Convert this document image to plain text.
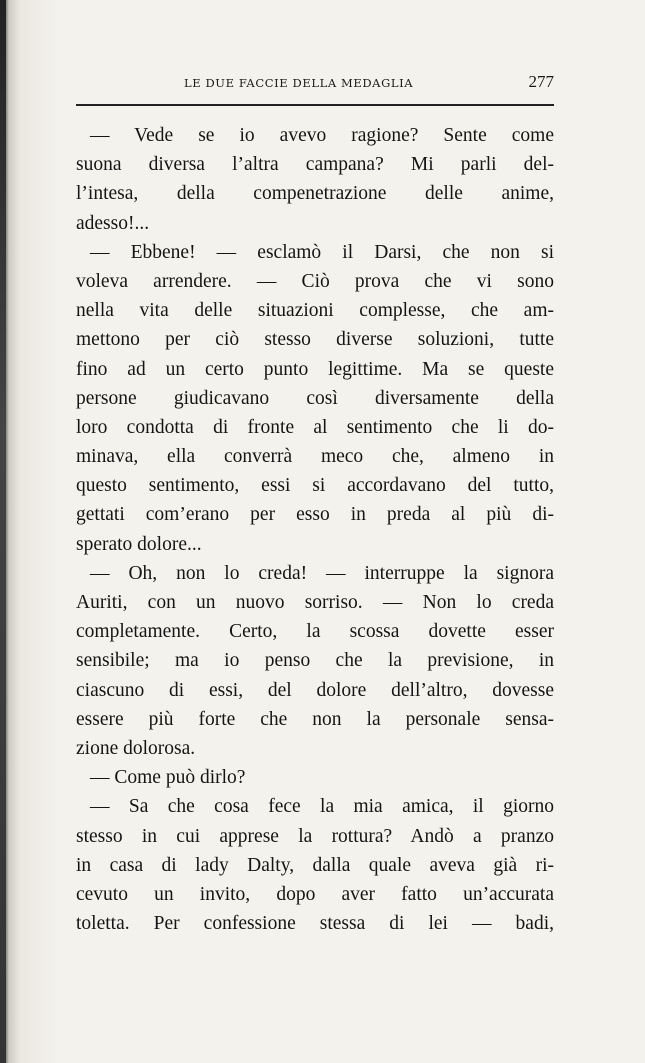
LE DUE FACCIE DELLA MEDAGLIA	277
— Vede se io avevo ragione? Sente come
suona diversa l’altra campana? Mi parli del-
l’intesa, della compenetrazione delle anime,
adesso!...
— Ebbene! — esclamò il Darsi, che non si
voleva arrendere. — Ciò prova che vi sono
nella vita delle situazioni complesse, che am-
mettono per ciò stesso diverse soluzioni, tutte
fino ad un certo punto legittime. Ma se queste
persone giudicavano così diversamente della
loro condotta di fronte al sentimento che li do-
minava, ella converrà meco che, almeno in
questo sentimento, essi si accordavano del tutto,
gettati com’erano per esso in preda al più di-
sperato dolore...
— Oh, non lo creda! — interruppe la signora
Auriti, con un nuovo sorriso. — Non lo creda
completamente. Certo, la scossa dovette esser
sensibile; ma io penso che la previsione, in
ciascuno di essi, del dolore dell’altro, dovesse
essere più forte che non la personale sensa-
zione dolorosa.
— Come può dirlo?
— Sa che cosa fece la mia amica, il giorno
stesso in cui apprese la rottura? Andò a pranzo
in casa di lady Dalty, dalla quale aveva già ri-
cevuto un invito, dopo aver fatto un’accurata
toletta. Per confessione stessa di lei — badi,
